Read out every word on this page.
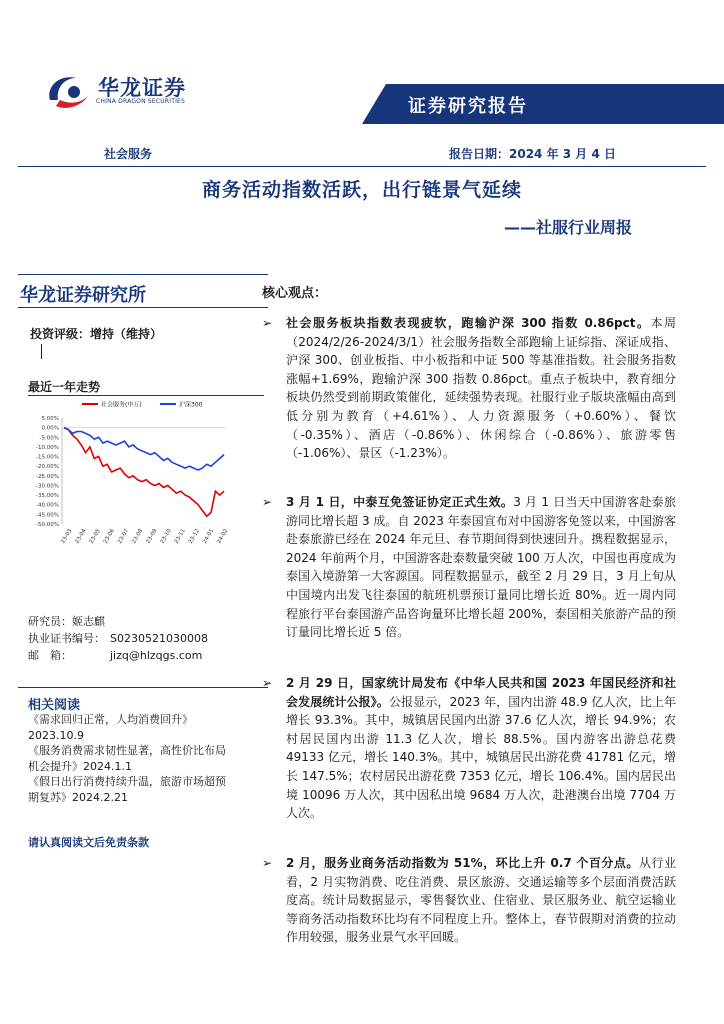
华龙证券
CHINA DRAGON SECURITIES	证券研究报告
社会服务	报告日期：2024 年 3 月 4 日
商务活动指数活跃，出行链景气延续
——社服行业周报
华龙证券研究所
投资评级：增持（维持）
最近一年走势
5.00%
0.00%
-5.00%
-10.00%
-15.00%
-20.00%
-25.00%
-30.00%
-35.00%
-40.00%
-45.00%
-50.00%
23-03 23-04 23-05 23-06 23-07 23-08 23-09 23-10 23-11 23-12 24-01 24-02
社会服务(申万)	沪深300
研究员：姬志麒
执业证书编号： S0230521030008
邮　箱：	jizq@hlzqgs.com
相关阅读
《需求回归正常，人均消费回升》
2023.10.9
《服务消费需求韧性显著，高性价比布局
机会提升》2024.1.1
《假日出行消费持续升温，旅游市场超预
期复苏》2024.2.21
请认真阅读文后免责条款
核心观点：
➢ 社会服务板块指数表现疲软，跑输沪深 300 指数 0.86pct。本周（2024/2/26-2024/3/1）社会服务指数全部跑输上证综指、深证成指、沪深 300、创业板指、中小板指和中证 500 等基准指数。社会服务指数涨幅+1.69%，跑输沪深 300 指数 0.86pct。重点子板块中，教育细分板块仍然受到前期政策催化，延续强势表现。社服行业子版块涨幅由高到低分别为教育（+4.61%）、人力资源服务（+0.60%）、餐饮（-0.35%）、酒店（-0.86%）、休闲综合（-0.86%）、旅游零售（-1.06%）、景区（-1.23%）。
➢ 3 月 1 日，中泰互免签证协定正式生效。3 月 1 日当天中国游客赴泰旅游同比增长超 3 成。自 2023 年泰国宣布对中国游客免签以来，中国游客赴泰旅游已经在 2024 年元旦、春节期间得到快速回升。携程数据显示，2024 年前两个月，中国游客赴泰数量突破 100 万人次，中国也再度成为泰国入境游第一大客源国。同程数据显示，截至 2 月 29 日，3 月上旬从中国境内出发飞往泰国的航班机票预订量同比增长近 80%。近一周内同程旅行平台泰国游产品咨询量环比增长超 200%，泰国相关旅游产品的预订量同比增长近 5 倍。
➢ 2 月 29 日，国家统计局发布《中华人民共和国 2023 年国民经济和社会发展统计公报》。公报显示，2023 年，国内出游 48.9 亿人次，比上年增长 93.3%。其中，城镇居民国内出游 37.6 亿人次，增长 94.9%；农村居民国内出游 11.3 亿人次，增长 88.5%。国内游客出游总花费 49133 亿元，增长 140.3%。其中，城镇居民出游花费 41781 亿元，增长 147.5%；农村居民出游花费 7353 亿元，增长 106.4%。国内居民出境 10096 万人次，其中因私出境 9684 万人次，赴港澳台出境 7704 万人次。
➢ 2 月，服务业商务活动指数为 51%，环比上升 0.7 个百分点。从行业看，2 月实物消费、吃住消费、景区旅游、交通运输等多个层面消费活跃度高。统计局数据显示，零售餐饮业、住宿业、景区服务业、航空运输业等商务活动指数环比均有不同程度上升。整体上，春节假期对消费的拉动作用较强，服务业景气水平回暖。
